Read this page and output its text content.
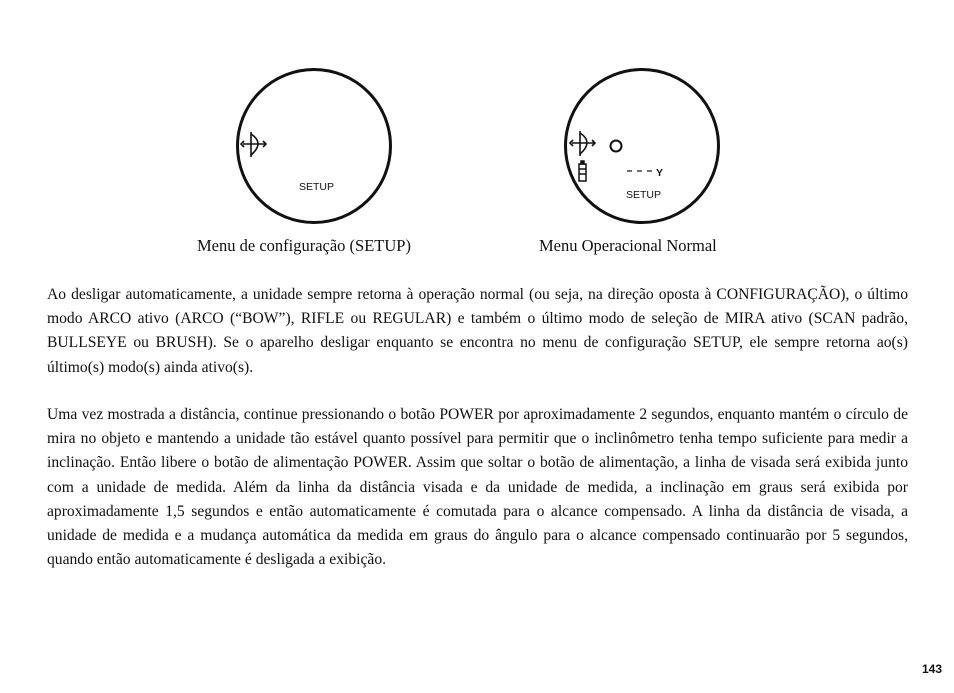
SETUP
Y
SETUP
Menu de configuração (SETUP)	Menu Operacional Normal

Ao desligar automaticamente, a unidade sempre retorna à operação normal (ou seja, na direção oposta à CONFIGURAÇÃO), o último modo ARCO ativo (ARCO (“BOW”), RIFLE ou REGULAR) e também o último modo de seleção de MIRA ativo (SCAN padrão, BULLSEYE ou BRUSH). Se o aparelho desligar enquanto se encontra no menu de configuração SETUP, ele sempre retorna ao(s) último(s) modo(s) ainda ativo(s).

Uma vez mostrada a distância, continue pressionando o botão POWER por aproximadamente 2 segundos, enquanto mantém o círculo de mira no objeto e mantendo a unidade tão estável quanto possível para permitir que o inclinômetro tenha tempo suficiente para medir a inclinação. Então libere o botão de alimentação POWER. Assim que soltar o botão de alimentação, a linha de visada será exibida junto com a unidade de medida. Além da linha da distância visada e da unidade de medida, a inclinação em graus será exibida por aproximadamente 1,5 segundos e então automaticamente é comutada para o alcance compensado. A linha da distância de visada, a unidade de medida e a mudança automática da medida em graus do ângulo para o alcance compensado continuarão por 5 segundos, quando então automaticamente é desligada a exibição.

143
